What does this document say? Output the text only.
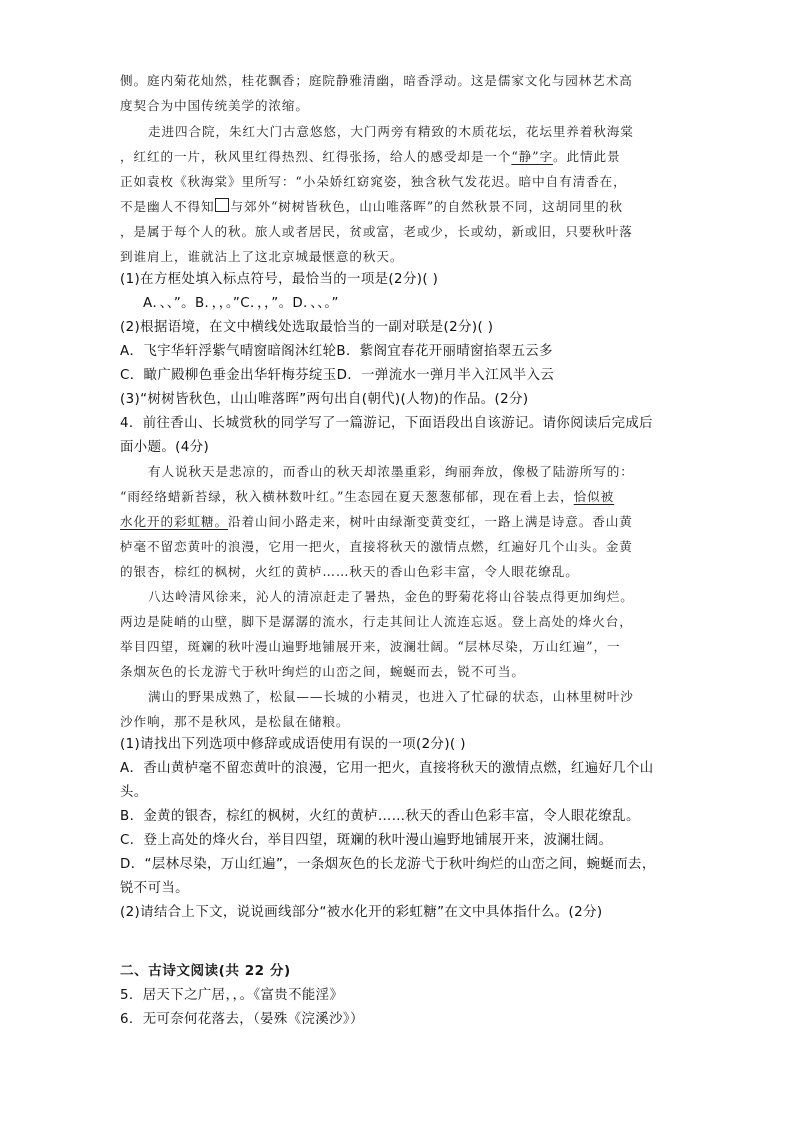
侧。庭内菊花灿然，桂花飘香；庭院静雅清幽，暗香浮动。这是儒家文化与园林艺术高
度契合为中国传统美学的浓缩。
走进四合院，朱红大门古意悠悠，大门两旁有精致的木质花坛，花坛里养着秋海棠
，红红的一片，秋风里红得热烈、红得张扬，给人的感受却是一个“静”字。此情此景
正如袁枚《秋海棠》里所写：“小朵娇红窈窕姿，独含秋气发花迟。暗中自有清香在，
不是幽人不得知 与郊外“树树皆秋色，山山唯落晖”的自然秋景不同，这胡同里的秋
，是属于每个人的秋。旅人或者居民，贫或富，老或少，长或幼，新或旧，只要秋叶落
到谁肩上，谁就沾上了这北京城最惬意的秋天。
(1)在方框处填入标点符号，最恰当的一项是(2分)( )
A．、、”。B．，，。”C．，，”。D．、、。”
(2)根据语境，在文中横线处选取最恰当的一副对联是(2分)( )
A．飞宇华轩浮紫气晴窗暗阁沐红轮B．紫阁宜春花开丽晴窗掐翠五云多
C．瞰广殿柳色垂金出华轩梅芬绽玉D．一弹流水一弹月半入江风半入云
(3)“树树皆秋色，山山唯落晖”两句出自(朝代)(人物)的作品。(2分)
4．前往香山、长城赏秋的同学写了一篇游记，下面语段出自该游记。请你阅读后完成后
面小题。(4分)
有人说秋天是悲凉的，而香山的秋天却浓墨重彩，绚丽奔放，像极了陆游所写的：
“雨经络蜡新苔绿，秋入横林数叶红。”生态园在夏天葱葱郁郁，现在看上去，恰似被
水化开的彩虹糖。沿着山间小路走来，树叶由绿渐变黄变红，一路上满是诗意。香山黄
栌毫不留恋黄叶的浪漫，它用一把火，直接将秋天的激情点燃，红遍好几个山头。金黄
的银杏，棕红的枫树，火红的黄栌……秋天的香山色彩丰富，令人眼花缭乱。
八达岭清风徐来，沁人的清凉赶走了暑热，金色的野菊花将山谷装点得更加绚烂。
两边是陡峭的山壁，脚下是潺潺的流水，行走其间让人流连忘返。登上高处的烽火台，
举目四望，斑斓的秋叶漫山遍野地铺展开来，波澜壮阔。“层林尽染，万山红遍”，一
条烟灰色的长龙游弋于秋叶绚烂的山峦之间，蜿蜒而去，锐不可当。
满山的野果成熟了，松鼠——长城的小精灵，也进入了忙碌的状态，山林里树叶沙
沙作响，那不是秋风，是松鼠在储粮。
(1)请找出下列选项中修辞或成语使用有误的一项(2分)( )
A．香山黄栌毫不留恋黄叶的浪漫，它用一把火，直接将秋天的激情点燃，红遍好几个山
头。
B．金黄的银杏，棕红的枫树，火红的黄栌……秋天的香山色彩丰富，令人眼花缭乱。
C．登上高处的烽火台，举目四望，斑斓的秋叶漫山遍野地铺展开来，波澜壮阔。
D．“层林尽染，万山红遍”，一条烟灰色的长龙游弋于秋叶绚烂的山峦之间，蜿蜒而去，
锐不可当。
(2)请结合上下文，说说画线部分“被水化开的彩虹糖”在文中具体指什么。(2分)
二、古诗文阅读(共 22 分)
5．居天下之广居，，。《富贵不能淫》
6．无可奈何花落去，（晏殊《浣溪沙》）
